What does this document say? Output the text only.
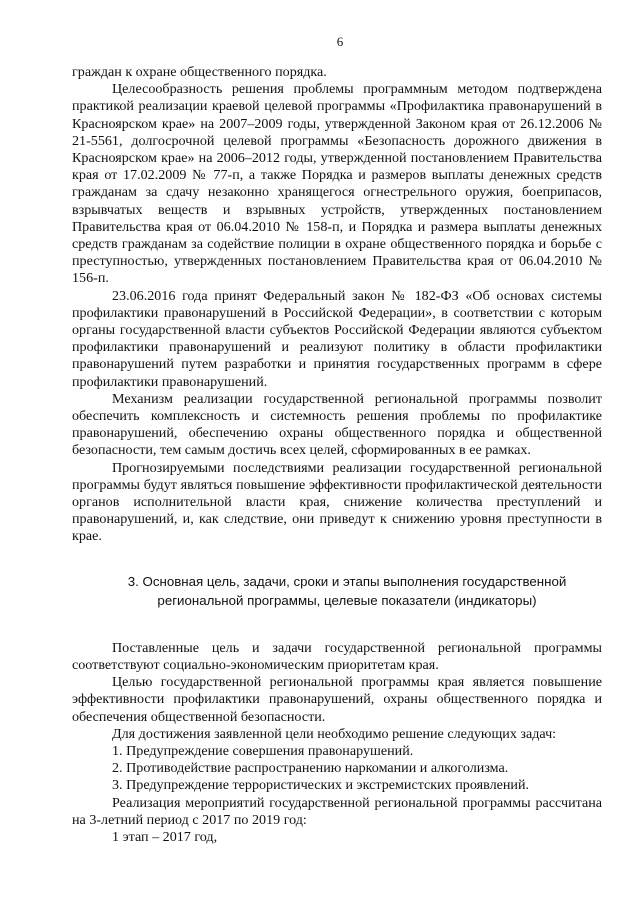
6

граждан к охране общественного порядка.

Целесообразность решения проблемы программным методом подтверждена практикой реализации краевой целевой программы «Профилактика правонарушений в Красноярском крае» на 2007–2009 годы, утвержденной Законом края от 26.12.2006 № 21-5561, долгосрочной целевой программы «Безопасность дорожного движения в Красноярском крае» на 2006–2012 годы, утвержденной постановлением Правительства края от 17.02.2009 № 77-п, а также Порядка и размеров выплаты денежных средств гражданам за сдачу незаконно хранящегося огнестрельного оружия, боеприпасов, взрывчатых веществ и взрывных устройств, утвержденных постановлением Правительства края от 06.04.2010 № 158-п, и Порядка и размера выплаты денежных средств гражданам за содействие полиции в охране общественного порядка и борьбе с преступностью, утвержденных постановлением Правительства края от 06.04.2010 № 156-п.

23.06.2016 года принят Федеральный закон № 182-ФЗ «Об основах системы профилактики правонарушений в Российской Федерации», в соответствии с которым органы государственной власти субъектов Российской Федерации являются субъектом профилактики правонарушений и реализуют политику в области профилактики правонарушений путем разработки и принятия государственных программ в сфере профилактики правонарушений.

Механизм реализации государственной региональной программы позволит обеспечить комплексность и системность решения проблемы по профилактике правонарушений, обеспечению охраны общественного порядка и общественной безопасности, тем самым достичь всех целей, сформированных в ее рамках.

Прогнозируемыми последствиями реализации государственной региональной программы будут являться повышение эффективности профилактической деятельности органов исполнительной власти края, снижение количества преступлений и правонарушений, и, как следствие, они приведут к снижению уровня преступности в крае.

3. Основная цель, задачи, сроки и этапы выполнения государственной
региональной программы, целевые показатели (индикаторы)

Поставленные цель и задачи государственной региональной программы соответствуют социально-экономическим приоритетам края.

Целью государственной региональной программы края является повышение эффективности профилактики правонарушений, охраны общественного порядка и обеспечения общественной безопасности.

Для достижения заявленной цели необходимо решение следующих задач:

1. Предупреждение совершения правонарушений.

2. Противодействие распространению наркомании и алкоголизма.

3. Предупреждение террористических и экстремистских проявлений.

Реализация мероприятий государственной региональной программы рассчитана на 3-летний период с 2017 по 2019 год:

1 этап – 2017 год,
